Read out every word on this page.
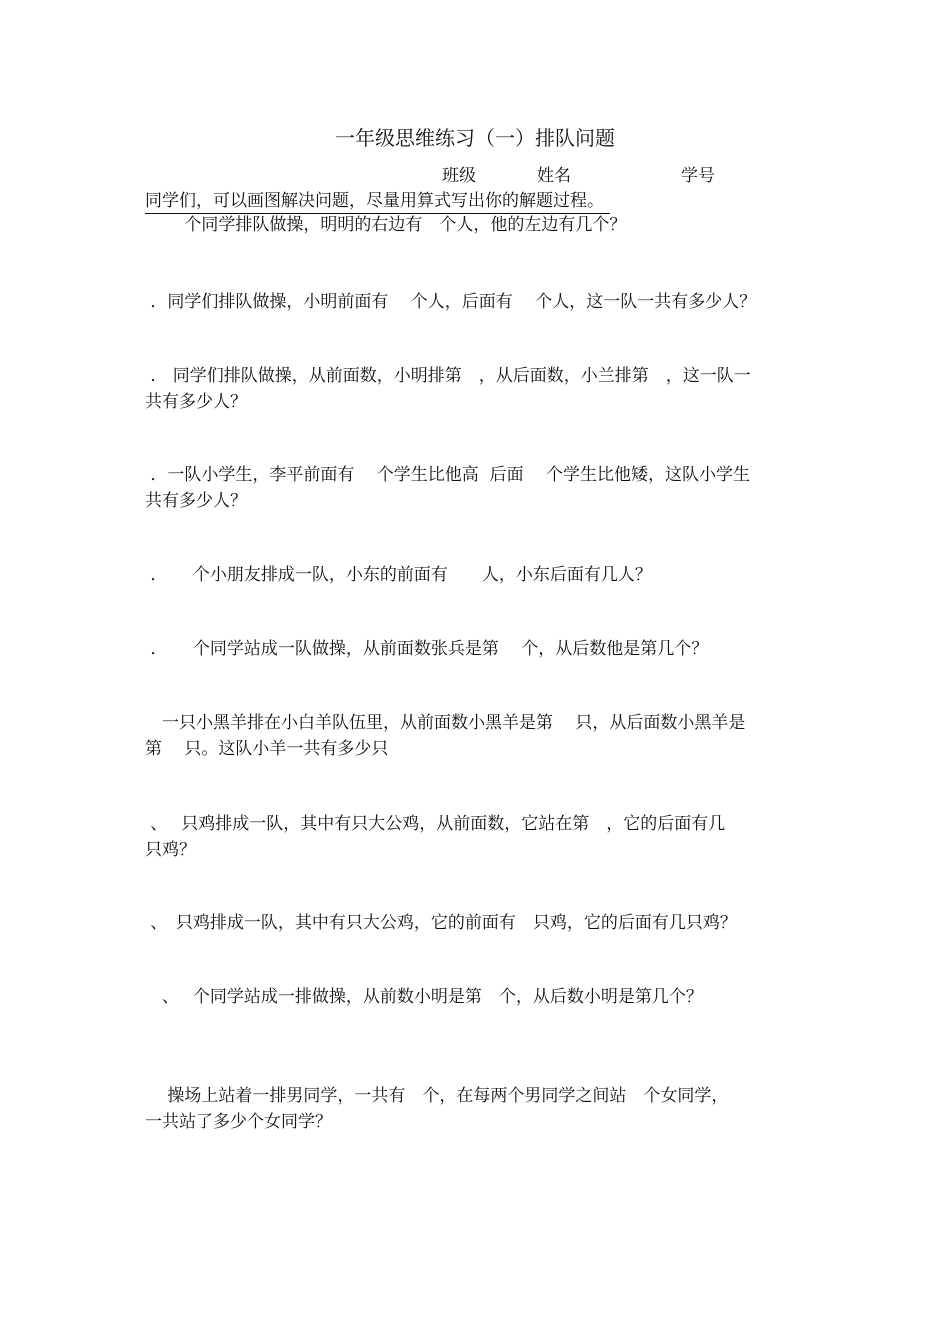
一年级思维练习（一）排队问题
班级	姓名	学号
同学们，可以画图解决问题，尽量用算式写出你的解题过程。
　　 个同学排队做操，明明的右边有　个人，他的左边有几个？
．同学们排队做操，小明前面有　 个人，后面有　 个人，这一队一共有多少人？
． 同学们排队做操，从前面数，小明排第　，从后面数，小兰排第　，这一队一
共有多少人？
．一队小学生，李平前面有　 个学生比他高  后面　 个学生比他矮，这队小学生
共有多少人？
．　　个小朋友排成一队，小东的前面有　　人，小东后面有几人？
．　　个同学站成一队做操，从前面数张兵是第　 个，从后数他是第几个？
　一只小黑羊排在小白羊队伍里，从前面数小黑羊是第　 只，从后面数小黑羊是
第　 只。这队小羊一共有多少只
、　 只鸡排成一队，其中有只大公鸡，从前面数，它站在第　，它的后面有几
只鸡？
、　只鸡排成一队，其中有只大公鸡，它的前面有　只鸡，它的后面有几只鸡？
　、　 个同学站成一排做操，从前数小明是第　个，从后数小明是第几个？
　 操场上站着一排男同学，一共有　个，在每两个男同学之间站　个女同学，
一共站了多少个女同学？
